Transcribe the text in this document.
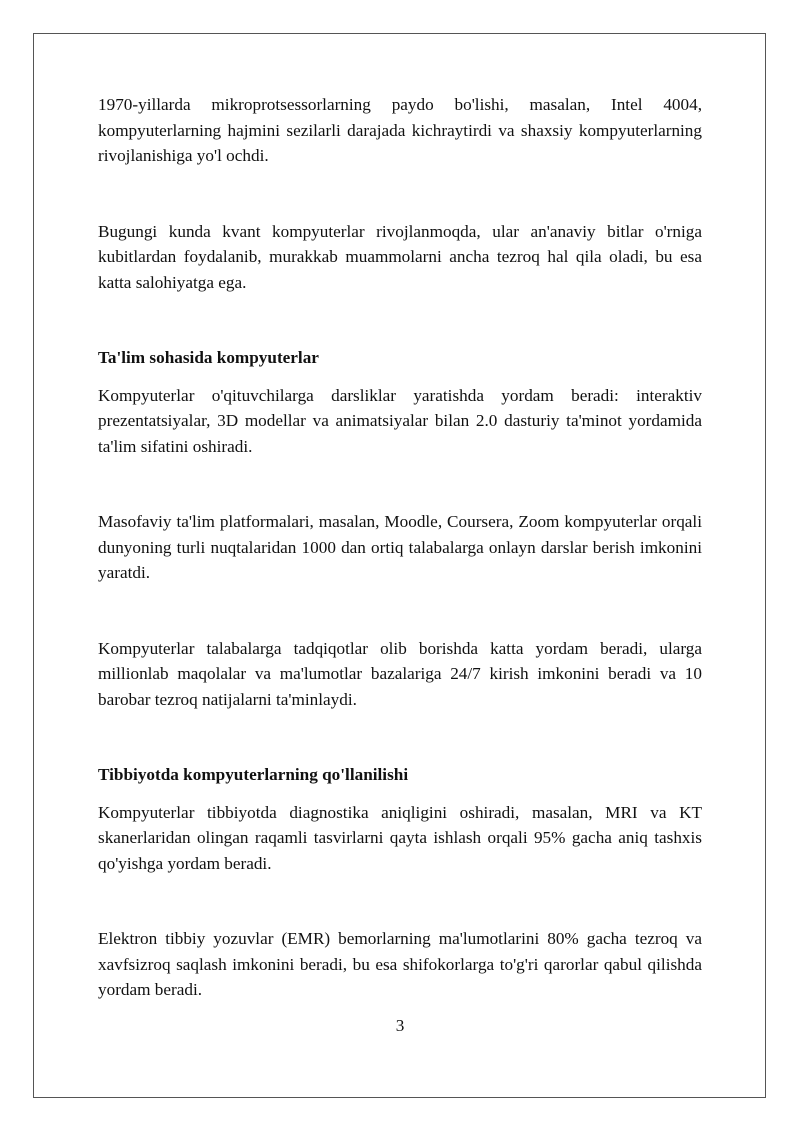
1970-yillarda mikroprotsessorlarning paydo bo'lishi, masalan, Intel 4004, kompyuterlarning hajmini sezilarli darajada kichraytirdi va shaxsiy kompyuterlarning rivojlanishiga yo'l ochdi.

Bugungi kunda kvant kompyuterlar rivojlanmoqda, ular an'anaviy bitlar o'rniga kubitlardan foydalanib, murakkab muammolarni ancha tezroq hal qila oladi, bu esa katta salohiyatga ega.

Ta'lim sohasida kompyuterlar

Kompyuterlar o'qituvchilarga darsliklar yaratishda yordam beradi: interaktiv prezentatsiyalar, 3D modellar va animatsiyalar bilan 2.0 dasturiy ta'minot yordamida ta'lim sifatini oshiradi.

Masofaviy ta'lim platformalari, masalan, Moodle, Coursera, Zoom kompyuterlar orqali dunyoning turli nuqtalaridan 1000 dan ortiq talabalarga onlayn darslar berish imkonini yaratdi.

Kompyuterlar talabalarga tadqiqotlar olib borishda katta yordam beradi, ularga millionlab maqolalar va ma'lumotlar bazalariga 24/7 kirish imkonini beradi va 10 barobar tezroq natijalarni ta'minlaydi.

Tibbiyotda kompyuterlarning qo'llanilishi

Kompyuterlar tibbiyotda diagnostika aniqligini oshiradi, masalan, MRI va KT skanerlaridan olingan raqamli tasvirlarni qayta ishlash orqali 95% gacha aniq tashxis qo'yishga yordam beradi.

Elektron tibbiy yozuvlar (EMR) bemorlarning ma'lumotlarini 80% gacha tezroq va xavfsizroq saqlash imkonini beradi, bu esa shifokorlarga to'g'ri qarorlar qabul qilishda yordam beradi.

3
